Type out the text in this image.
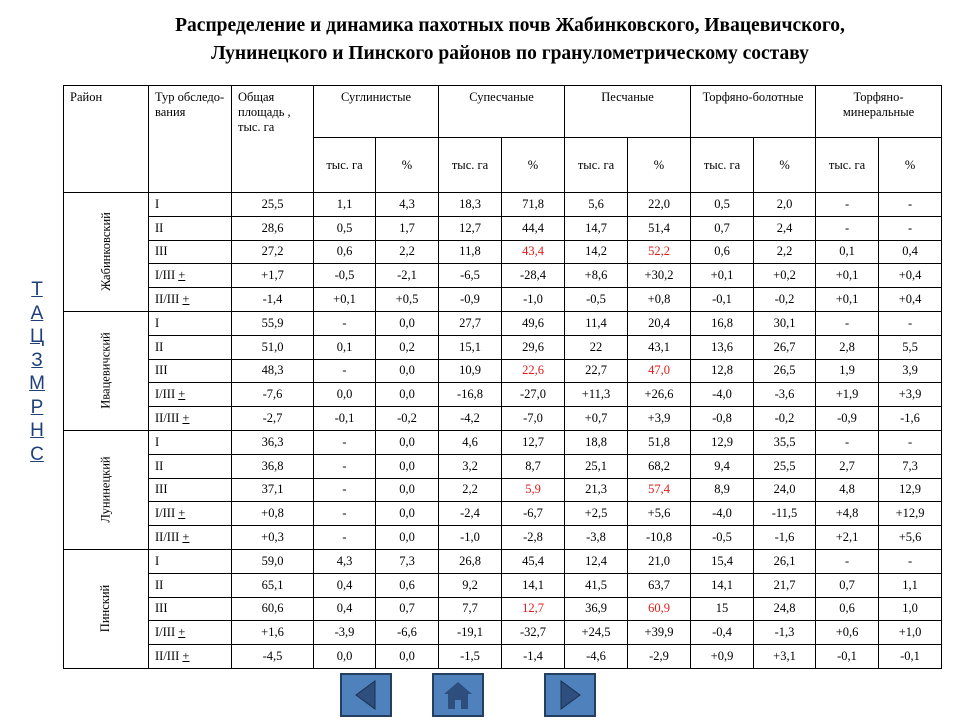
Распределение и динамика пахотных почв Жабинковского, Ивацевичского,
Лунинецкого и Пинского районов по гранулометрическому составу
Т
А
Ц
З
М
Р
Н
С
Район	Тур обследо-вания	Общая площадь , тыс. га	Суглинистые		Супесчаные		Песчаные		Торфяно-болотные		Торфяно-минеральные	
			тыс. га	%	тыс. га	%	тыс. га	%	тыс. га	%	тыс. га	%
Жабинковский	I	25,5	1,1	4,3	18,3	71,8	5,6	22,0	0,5	2,0	-	-
	II	28,6	0,5	1,7	12,7	44,4	14,7	51,4	0,7	2,4	-	-
	III	27,2	0,6	2,2	11,8	43,4	14,2	52,2	0,6	2,2	0,1	0,4
	I/III +	+1,7	-0,5	-2,1	-6,5	-28,4	+8,6	+30,2	+0,1	+0,2	+0,1	+0,4
	II/III +	-1,4	+0,1	+0,5	-0,9	-1,0	-0,5	+0,8	-0,1	-0,2	+0,1	+0,4
Ивацевичский	I	55,9	-	0,0	27,7	49,6	11,4	20,4	16,8	30,1	-	-
	II	51,0	0,1	0,2	15,1	29,6	22	43,1	13,6	26,7	2,8	5,5
	III	48,3	-	0,0	10,9	22,6	22,7	47,0	12,8	26,5	1,9	3,9
	I/III +	-7,6	0,0	0,0	-16,8	-27,0	+11,3	+26,6	-4,0	-3,6	+1,9	+3,9
	II/III +	-2,7	-0,1	-0,2	-4,2	-7,0	+0,7	+3,9	-0,8	-0,2	-0,9	-1,6
Лунинецкий	I	36,3	-	0,0	4,6	12,7	18,8	51,8	12,9	35,5	-	-
	II	36,8	-	0,0	3,2	8,7	25,1	68,2	9,4	25,5	2,7	7,3
	III	37,1	-	0,0	2,2	5,9	21,3	57,4	8,9	24,0	4,8	12,9
	I/III +	+0,8	-	0,0	-2,4	-6,7	+2,5	+5,6	-4,0	-11,5	+4,8	+12,9
	II/III +	+0,3	-	0,0	-1,0	-2,8	-3,8	-10,8	-0,5	-1,6	+2,1	+5,6
Пинский	I	59,0	4,3	7,3	26,8	45,4	12,4	21,0	15,4	26,1	-	-
	II	65,1	0,4	0,6	9,2	14,1	41,5	63,7	14,1	21,7	0,7	1,1
	III	60,6	0,4	0,7	7,7	12,7	36,9	60,9	15	24,8	0,6	1,0
	I/III +	+1,6	-3,9	-6,6	-19,1	-32,7	+24,5	+39,9	-0,4	-1,3	+0,6	+1,0
	II/III +	-4,5	0,0	0,0	-1,5	-1,4	-4,6	-2,9	+0,9	+3,1	-0,1	-0,1
